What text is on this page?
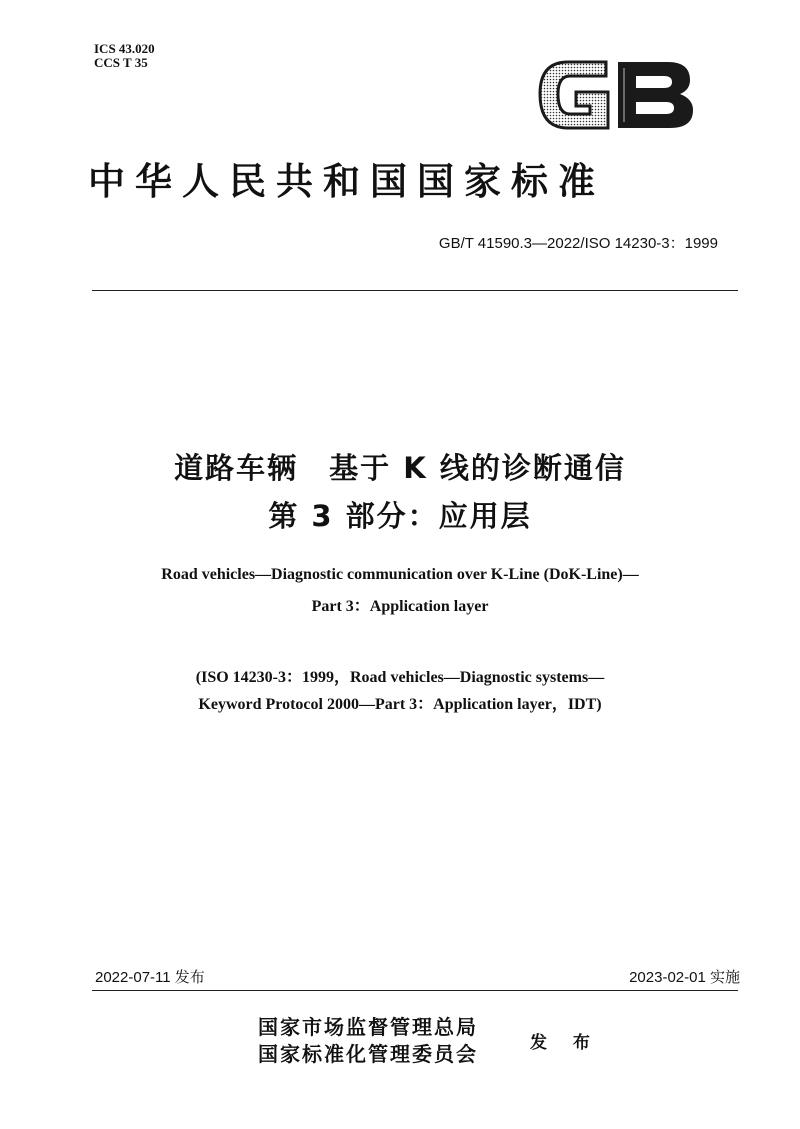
ICS 43.020
CCS T 35
中华人民共和国国家标准
GB/T 41590.3—2022/ISO 14230-3：1999
道路车辆　基于 K 线的诊断通信
第 3 部分：应用层
Road vehicles—Diagnostic communication over K-Line (DoK-Line)—
Part 3：Application layer
(ISO 14230-3：1999，Road vehicles—Diagnostic systems—
Keyword Protocol 2000—Part 3：Application layer，IDT)
2022-07-11 发布	2023-02-01 实施
国家市场监督管理总局
国家标准化管理委员会	发 布
